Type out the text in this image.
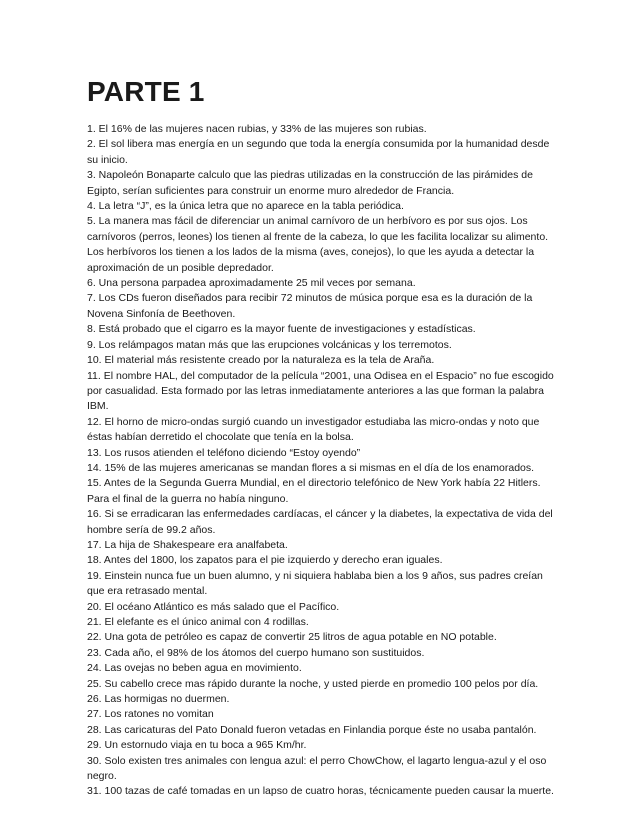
PARTE 1

1. El 16% de las mujeres nacen rubias, y 33% de las mujeres son rubias.

2. El sol libera mas energía en un segundo que toda la energía consumida por la humanidad desde su inicio.

3. Napoleón Bonaparte calculo que las piedras utilizadas en la construcción de las pirámides de Egipto, serían suficientes para construir un enorme muro alrededor de Francia.

4. La letra “J”, es la única letra que no aparece en la tabla periódica.

5. La manera mas fácil de diferenciar un animal carnívoro de un herbívoro es por sus ojos. Los carnívoros (perros, leones) los tienen al frente de la cabeza, lo que les facilita localizar su alimento. Los herbívoros los tienen a los lados de la misma (aves, conejos), lo que les ayuda a detectar la aproximación de un posible depredador.

6. Una persona parpadea aproximadamente 25 mil veces por semana.

7. Los CDs fueron diseñados para recibir 72 minutos de música porque esa es la duración de la Novena Sinfonía de Beethoven.

8. Está probado que el cigarro es la mayor fuente de investigaciones y estadísticas.

9. Los relámpagos matan más que las erupciones volcánicas y los terremotos.

10. El material más resistente creado por la naturaleza es la tela de Araña.

11. El nombre HAL, del computador de la película “2001, una Odisea en el Espacio” no fue escogido por casualidad. Esta formado por las letras inmediatamente anteriores a las que forman la palabra IBM.

12. El horno de micro-ondas surgió cuando un investigador estudiaba las micro-ondas y noto que éstas habían derretido el chocolate que tenía en la bolsa.

13. Los rusos atienden el teléfono diciendo “Estoy oyendo”

14. 15% de las mujeres americanas se mandan flores a si mismas en el día de los enamorados.

15. Antes de la Segunda Guerra Mundial, en el directorio telefónico de New York había 22 Hitlers. Para el final de la guerra no había ninguno.

16. Si se erradicaran las enfermedades cardíacas, el cáncer y la diabetes, la expectativa de vida del hombre sería de 99.2 años.

17. La hija de Shakespeare era analfabeta.

18. Antes del 1800, los zapatos para el pie izquierdo y derecho eran iguales.

19. Einstein nunca fue un buen alumno, y ni siquiera hablaba bien a los 9 años, sus padres creían que era retrasado mental.

20. El océano Atlántico es más salado que el Pacífico.

21. El elefante es el único animal con 4 rodillas.

22. Una gota de petróleo es capaz de convertir 25 litros de agua potable en NO potable.

23. Cada año, el 98% de los átomos del cuerpo humano son sustituidos.

24. Las ovejas no beben agua en movimiento.

25. Su cabello crece mas rápido durante la noche, y usted pierde en promedio 100 pelos por día.

26. Las hormigas no duermen.

27. Los ratones no vomitan

28. Las caricaturas del Pato Donald fueron vetadas en Finlandia porque éste no usaba pantalón.

29. Un estornudo viaja en tu boca a 965 Km/hr.

30. Solo existen tres animales con lengua azul: el perro ChowChow, el lagarto lengua-azul y el oso negro.

31. 100 tazas de café tomadas en un lapso de cuatro horas, técnicamente pueden causar la muerte.
